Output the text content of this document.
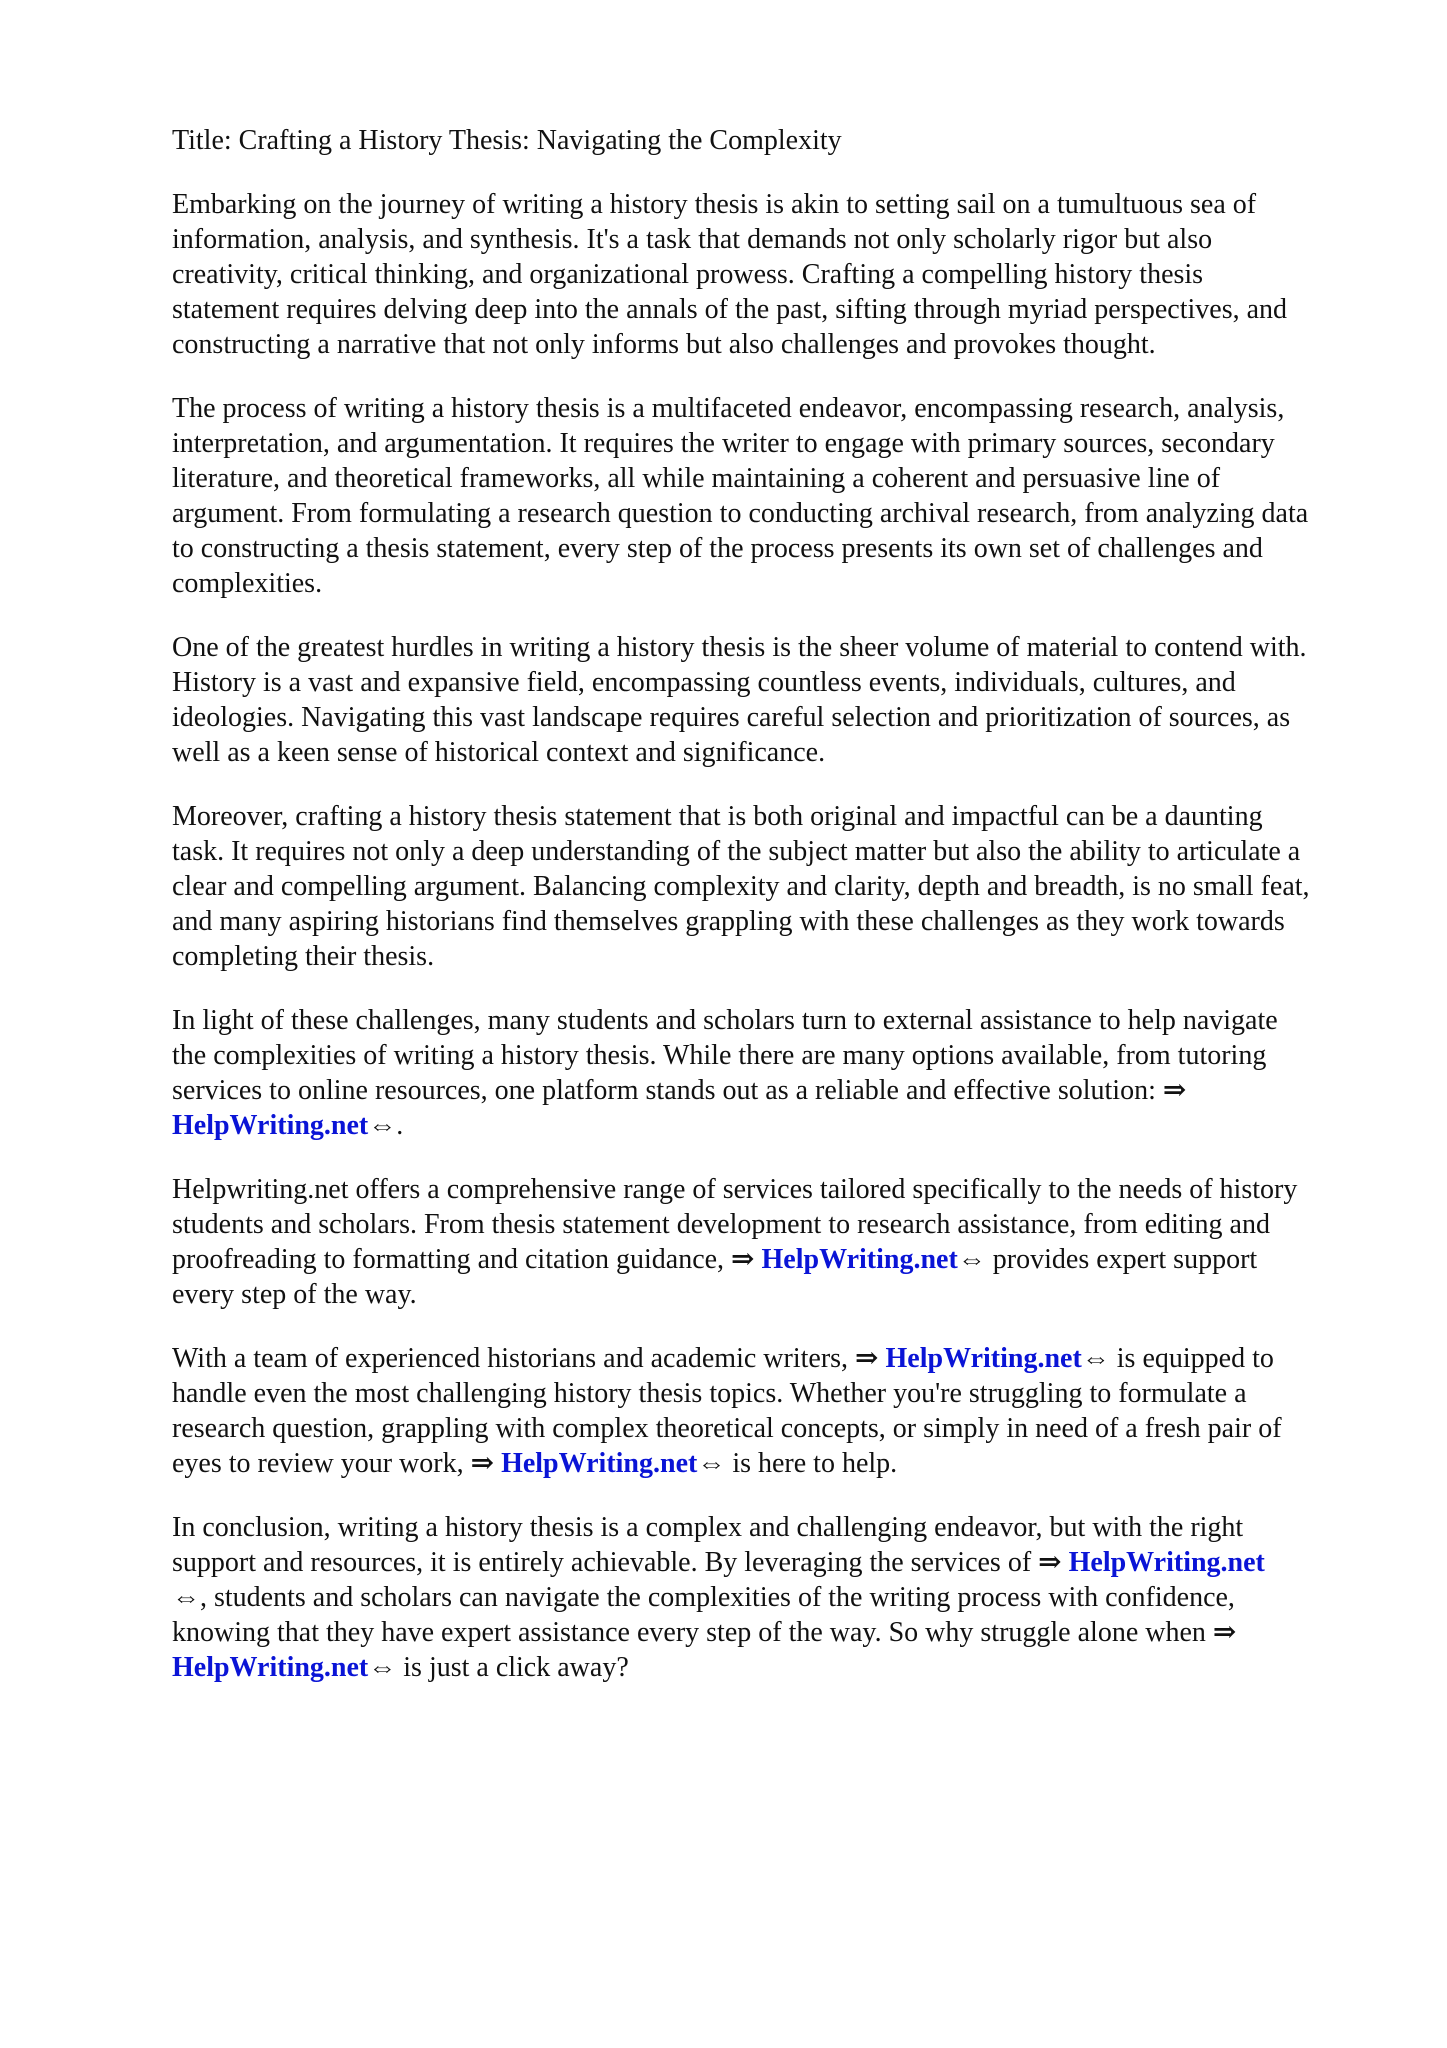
Title: Crafting a History Thesis: Navigating the Complexity

Embarking on the journey of writing a history thesis is akin to setting sail on a tumultuous sea of
information, analysis, and synthesis. It's a task that demands not only scholarly rigor but also
creativity, critical thinking, and organizational prowess. Crafting a compelling history thesis
statement requires delving deep into the annals of the past, sifting through myriad perspectives, and
constructing a narrative that not only informs but also challenges and provokes thought.

The process of writing a history thesis is a multifaceted endeavor, encompassing research, analysis,
interpretation, and argumentation. It requires the writer to engage with primary sources, secondary
literature, and theoretical frameworks, all while maintaining a coherent and persuasive line of
argument. From formulating a research question to conducting archival research, from analyzing data
to constructing a thesis statement, every step of the process presents its own set of challenges and
complexities.

One of the greatest hurdles in writing a history thesis is the sheer volume of material to contend with.
History is a vast and expansive field, encompassing countless events, individuals, cultures, and
ideologies. Navigating this vast landscape requires careful selection and prioritization of sources, as
well as a keen sense of historical context and significance.

Moreover, crafting a history thesis statement that is both original and impactful can be a daunting
task. It requires not only a deep understanding of the subject matter but also the ability to articulate a
clear and compelling argument. Balancing complexity and clarity, depth and breadth, is no small feat,
and many aspiring historians find themselves grappling with these challenges as they work towards
completing their thesis.

In light of these challenges, many students and scholars turn to external assistance to help navigate
the complexities of writing a history thesis. While there are many options available, from tutoring
services to online resources, one platform stands out as a reliable and effective solution: ⇒
HelpWriting.net⇔.

Helpwriting.net offers a comprehensive range of services tailored specifically to the needs of history
students and scholars. From thesis statement development to research assistance, from editing and
proofreading to formatting and citation guidance, ⇒ HelpWriting.net⇔ provides expert support
every step of the way.

With a team of experienced historians and academic writers, ⇒ HelpWriting.net⇔ is equipped to
handle even the most challenging history thesis topics. Whether you're struggling to formulate a
research question, grappling with complex theoretical concepts, or simply in need of a fresh pair of
eyes to review your work, ⇒ HelpWriting.net⇔ is here to help.

In conclusion, writing a history thesis is a complex and challenging endeavor, but with the right
support and resources, it is entirely achievable. By leveraging the services of ⇒ HelpWriting.net
⇔, students and scholars can navigate the complexities of the writing process with confidence,
knowing that they have expert assistance every step of the way. So why struggle alone when ⇒
HelpWriting.net⇔ is just a click away?
